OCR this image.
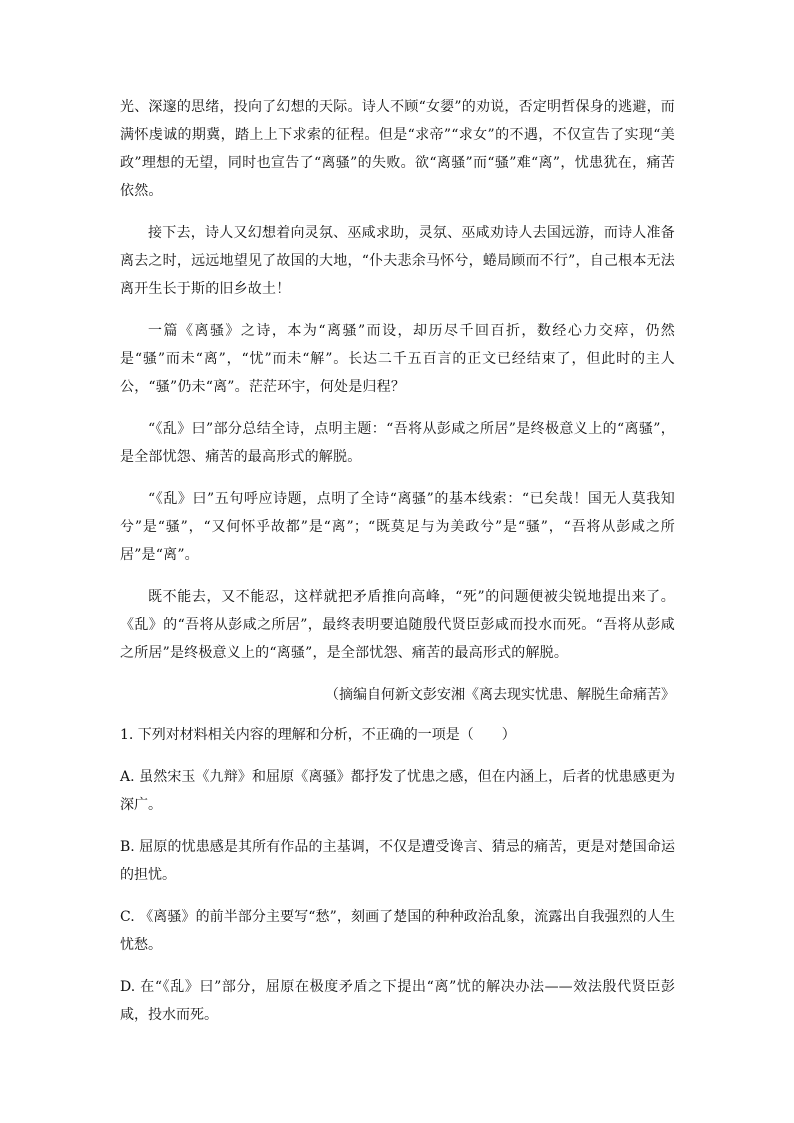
光、深邃的思绪，投向了幻想的天际。诗人不顾“女媭”的劝说，否定明哲保身的逃避，而满怀虔诚的期冀，踏上上下求索的征程。但是“求帝”“求女”的不遇，不仅宣告了实现“美政”理想的无望，同时也宣告了“离骚”的失败。欲“离骚”而“骚”难“离”，忧患犹在，痛苦依然。

接下去，诗人又幻想着向灵氛、巫咸求助，灵氛、巫咸劝诗人去国远游，而诗人准备离去之时，远远地望见了故国的大地，“仆夫悲余马怀兮，蜷局顾而不行”，自己根本无法离开生长于斯的旧乡故土！

一篇《离骚》之诗，本为“离骚”而设，却历尽千回百折，数经心力交瘁，仍然是“骚”而未“离”，“忧”而未“解”。长达二千五百言的正文已经结束了，但此时的主人公，“骚”仍未“离”。茫茫环宇，何处是归程？

“《乱》曰”部分总结全诗，点明主题：“吾将从彭咸之所居”是终极意义上的“离骚”，是全部忧怨、痛苦的最高形式的解脱。

“《乱》曰”五句呼应诗题，点明了全诗“离骚”的基本线索：“已矣哉！国无人莫我知兮”是“骚”，“又何怀乎故都”是“离”；“既莫足与为美政兮”是“骚”，“吾将从彭咸之所居”是“离”。

既不能去，又不能忍，这样就把矛盾推向高峰，“死”的问题便被尖锐地提出来了。《乱》的“吾将从彭咸之所居”，最终表明要追随殷代贤臣彭咸而投水而死。“吾将从彭咸之所居”是终极意义上的“离骚”，是全部忧怨、痛苦的最高形式的解脱。

（摘编自何新文彭安湘《离去现实忧患、解脱生命痛苦》

1. 下列对材料相关内容的理解和分析，不正确的一项是（　　）

A. 虽然宋玉《九辩》和屈原《离骚》都抒发了忧患之感，但在内涵上，后者的忧患感更为深广。

B. 屈原的忧患感是其所有作品的主基调，不仅是遭受谗言、猜忌的痛苦，更是对楚国命运的担忧。

C. 《离骚》的前半部分主要写“愁”，刻画了楚国的种种政治乱象，流露出自我强烈的人生忧愁。

D. 在“《乱》曰”部分，屈原在极度矛盾之下提出“离”忧的解决办法——效法殷代贤臣彭咸，投水而死。
